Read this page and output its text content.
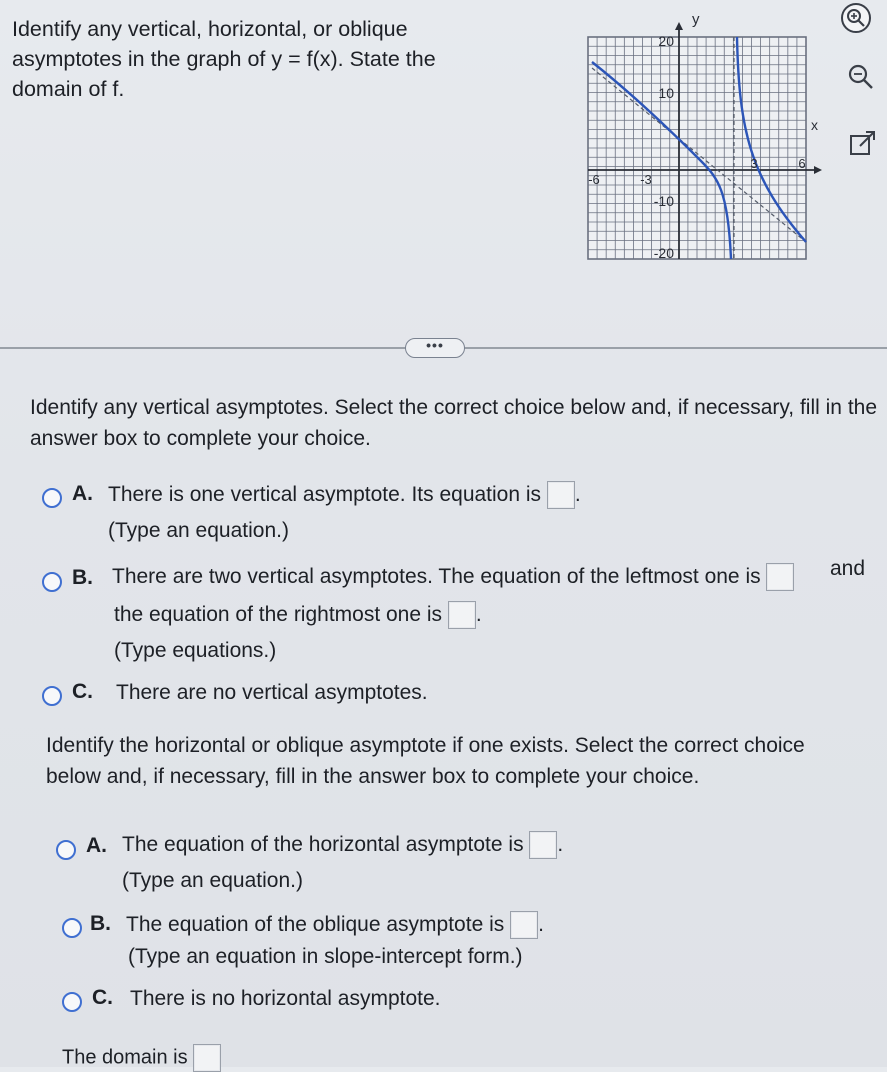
Identify any vertical, horizontal, or oblique asymptotes in the graph of y = f(x). State the domain of f.
20
10
-10
-20
-6	-3
3	6
y
x
•••
Identify any vertical asymptotes. Select the correct choice below and, if necessary, fill in the answer box to complete your choice.
A. There is one vertical asymptote. Its equation is .
(Type an equation.)
B. There are two vertical asymptotes. The equation of the leftmost one is	and
the equation of the rightmost one is .
(Type equations.)
C. There are no vertical asymptotes.
Identify the horizontal or oblique asymptote if one exists. Select the correct choice below and, if necessary, fill in the answer box to complete your choice.
A. The equation of the horizontal asymptote is .
(Type an equation.)
B. The equation of the oblique asymptote is .
(Type an equation in slope-intercept form.)
C. There is no horizontal asymptote.
The domain is
